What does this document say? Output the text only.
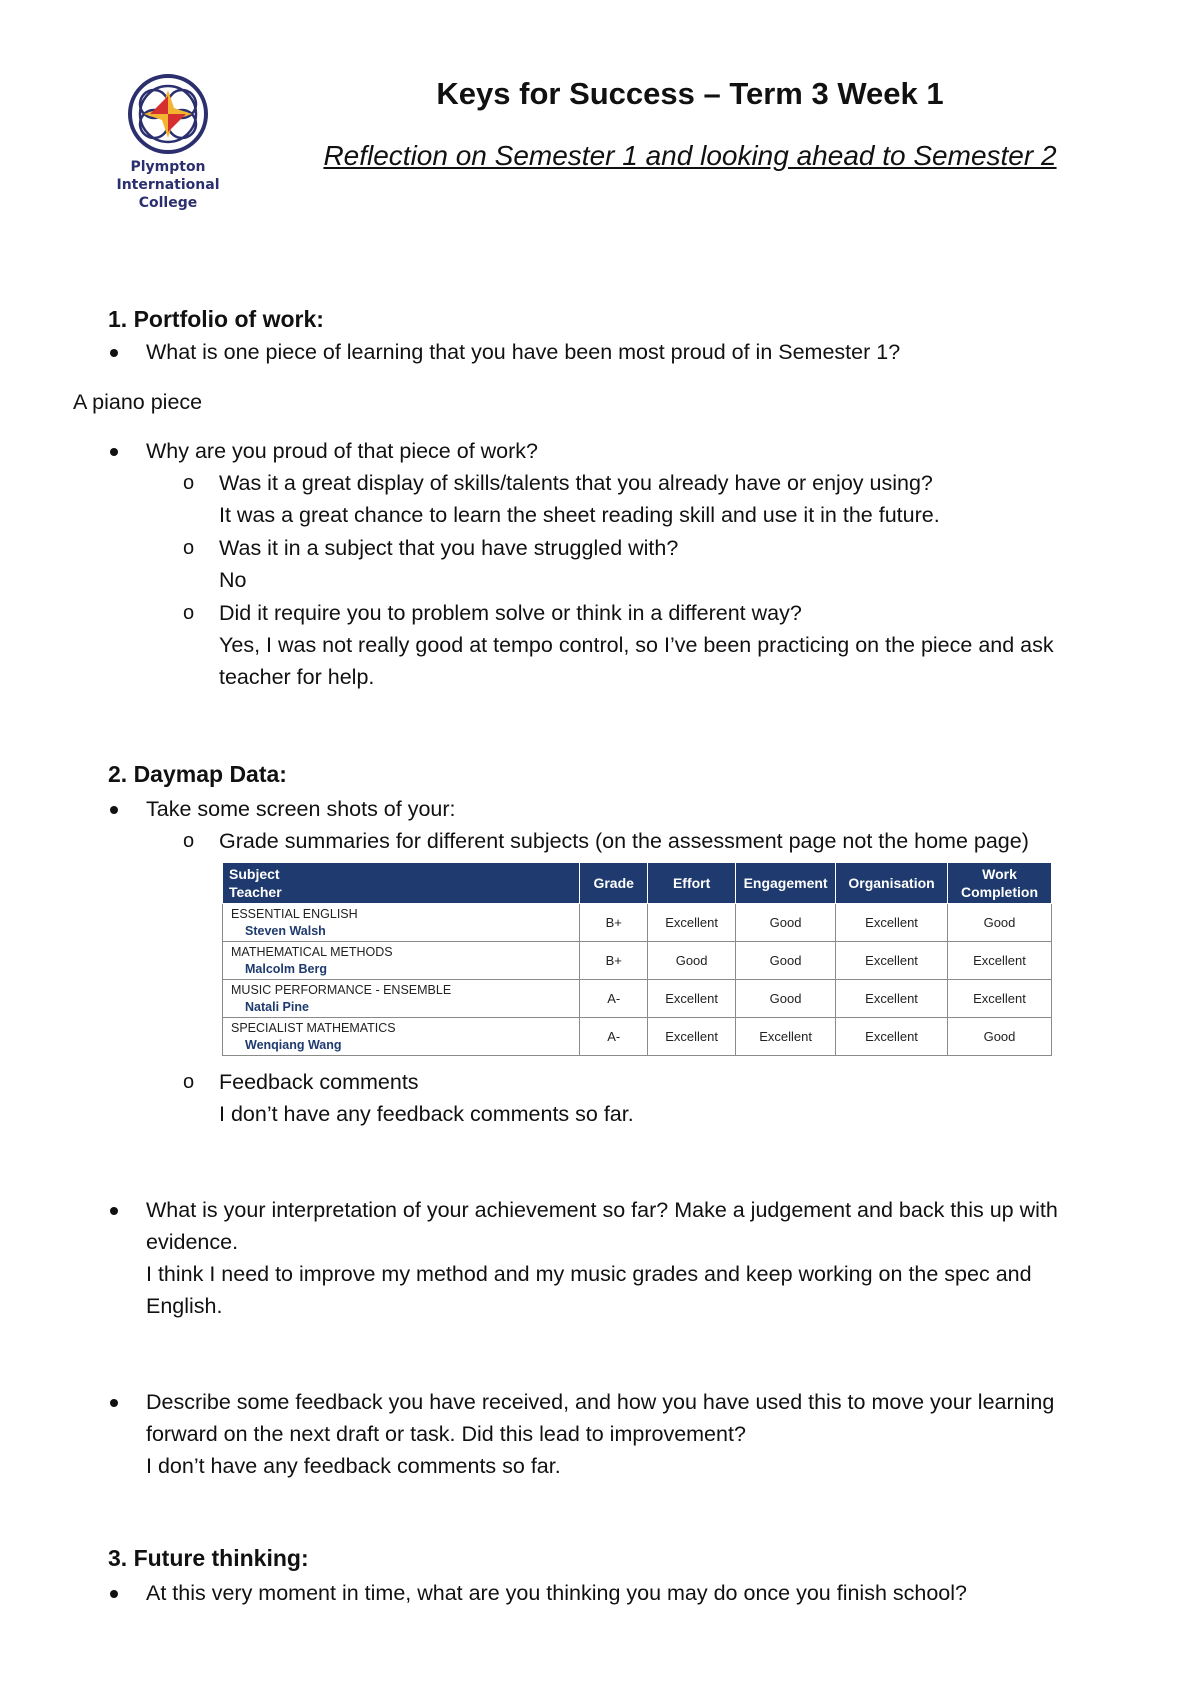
Plympton
International
College
Keys for Success – Term 3 Week 1
Reflection on Semester 1 and looking ahead to Semester 2
1. Portfolio of work:
What is one piece of learning that you have been most proud of in Semester 1?
A piano piece
Why are you proud of that piece of work?
o Was it a great display of skills/talents that you already have or enjoy using?
It was a great chance to learn the sheet reading skill and use it in the future.
o Was it in a subject that you have struggled with?
No
o Did it require you to problem solve or think in a different way?
Yes, I was not really good at tempo control, so I’ve been practicing on the piece and ask
teacher for help.
2. Daymap Data:
Take some screen shots of your:
o Grade summaries for different subjects (on the assessment page not the home page)
Subject
Teacher	Grade	Effort	Engagement	Organisation	Work
Completion

ESSENTIAL ENGLISH
Steven Walsh	B+	Excellent	Good	Excellent	Good

MATHEMATICAL METHODS
Malcolm Berg	B+	Good	Good	Excellent	Excellent

MUSIC PERFORMANCE - ENSEMBLE
Natali Pine	A-	Excellent	Good	Excellent	Excellent

SPECIALIST MATHEMATICS
Wenqiang Wang	A-	Excellent	Excellent	Excellent	Good
o Feedback comments
I don’t have any feedback comments so far.
What is your interpretation of your achievement so far? Make a judgement and back this up with
evidence.
I think I need to improve my method and my music grades and keep working on the spec and
English.
Describe some feedback you have received, and how you have used this to move your learning
forward on the next draft or task. Did this lead to improvement?
I don’t have any feedback comments so far.
3. Future thinking:
At this very moment in time, what are you thinking you may do once you finish school?
